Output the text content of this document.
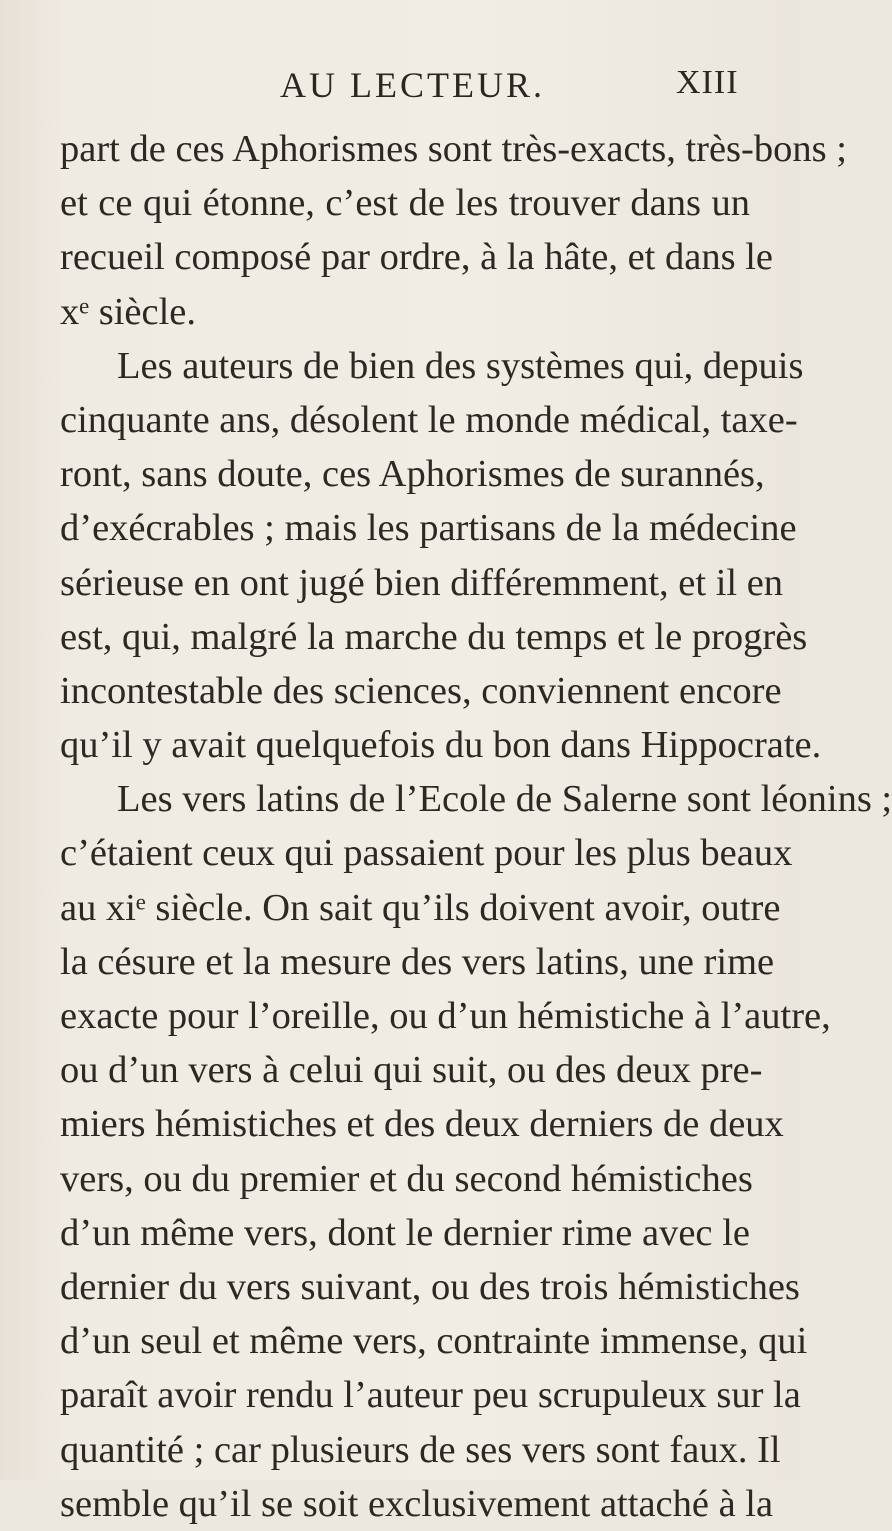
AU LECTEUR.	XIII
part de ces Aphorismes sont très-exacts, très-bons ;
et ce qui étonne, c’est de les trouver dans un
recueil composé par ordre, à la hâte, et dans le
xᵉ siècle.
Les auteurs de bien des systèmes qui, depuis
cinquante ans, désolent le monde médical, taxe-
ront, sans doute, ces Aphorismes de surannés,
d’exécrables ; mais les partisans de la médecine
sérieuse en ont jugé bien différemment, et il en
est, qui, malgré la marche du temps et le progrès
incontestable des sciences, conviennent encore
qu’il y avait quelquefois du bon dans Hippocrate.
Les vers latins de l’Ecole de Salerne sont léonins ;
c’étaient ceux qui passaient pour les plus beaux
au xiᵉ siècle. On sait qu’ils doivent avoir, outre
la césure et la mesure des vers latins, une rime
exacte pour l’oreille, ou d’un hémistiche à l’autre,
ou d’un vers à celui qui suit, ou des deux pre-
miers hémistiches et des deux derniers de deux
vers, ou du premier et du second hémistiches
d’un même vers, dont le dernier rime avec le
dernier du vers suivant, ou des trois hémistiches
d’un seul et même vers, contrainte immense, qui
paraît avoir rendu l’auteur peu scrupuleux sur la
quantité ; car plusieurs de ses vers sont faux. Il
semble qu’il se soit exclusivement attaché à la
